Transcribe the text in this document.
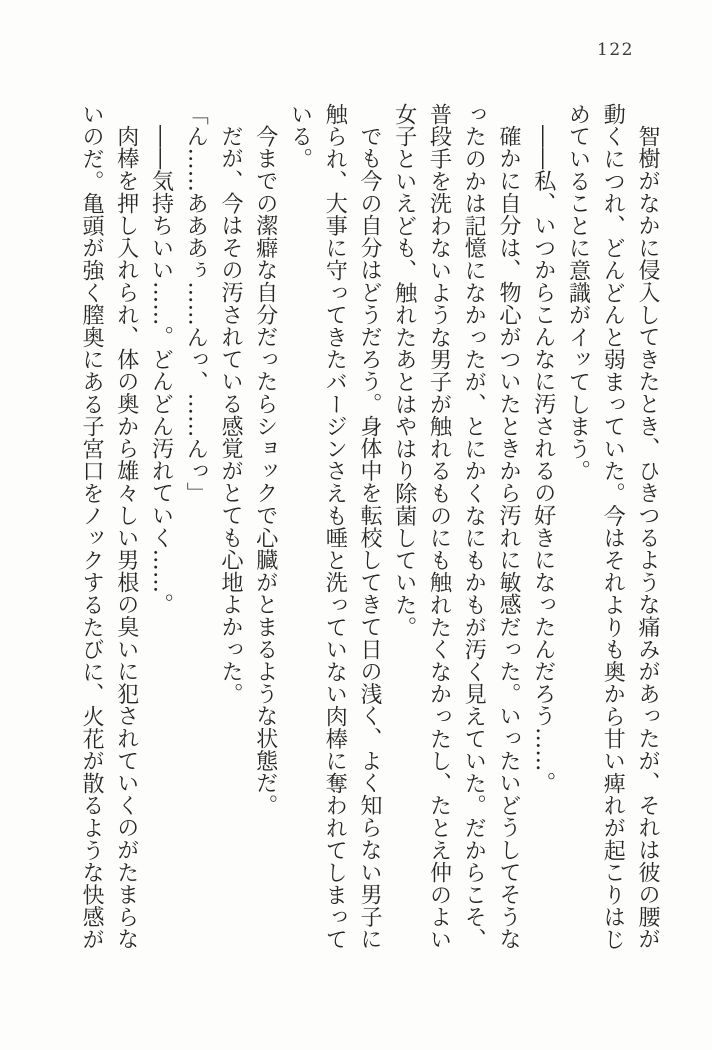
122

智樹がなかに侵入してきたとき、ひきつるような痛みがあったが、それは彼の腰が動くにつれ、どんどんと弱まっていた。今はそれよりも奥から甘い痺れが起こりはじめていることに意識がイッてしまう。

――私、いつからこんなに汚されるの好きになったんだろう……。

確かに自分は、物心がついたときから汚れに敏感だった。いったいどうしてそうなったのかは記憶になかったが、とにかくなにもかもが汚く見えていた。だからこそ、普段手を洗わないような男子が触れるものにも触れたくなかったし、たとえ仲のよい女子といえども、触れたあとはやはり除菌していた。

でも今の自分はどうだろう。身体中を転校してきて日の浅く、よく知らない男子に触られ、大事に守ってきたバージンさえも唾と洗っていない肉棒に奪われてしまっている。

今までの潔癖な自分だったらショックで心臓がとまるような状態だ。

だが、今はその汚されている感覚がとても心地よかった。

「ん……あああぅ……んっ、……んっ」

――気持ちいい……。どんどん汚れていく……。

肉棒を押し入れられ、体の奥から雄々しい男根の臭いに犯されていくのがたまらないのだ。亀頭が強く膣奥にある子宮口をノックするたびに、火花が散るような快感が
